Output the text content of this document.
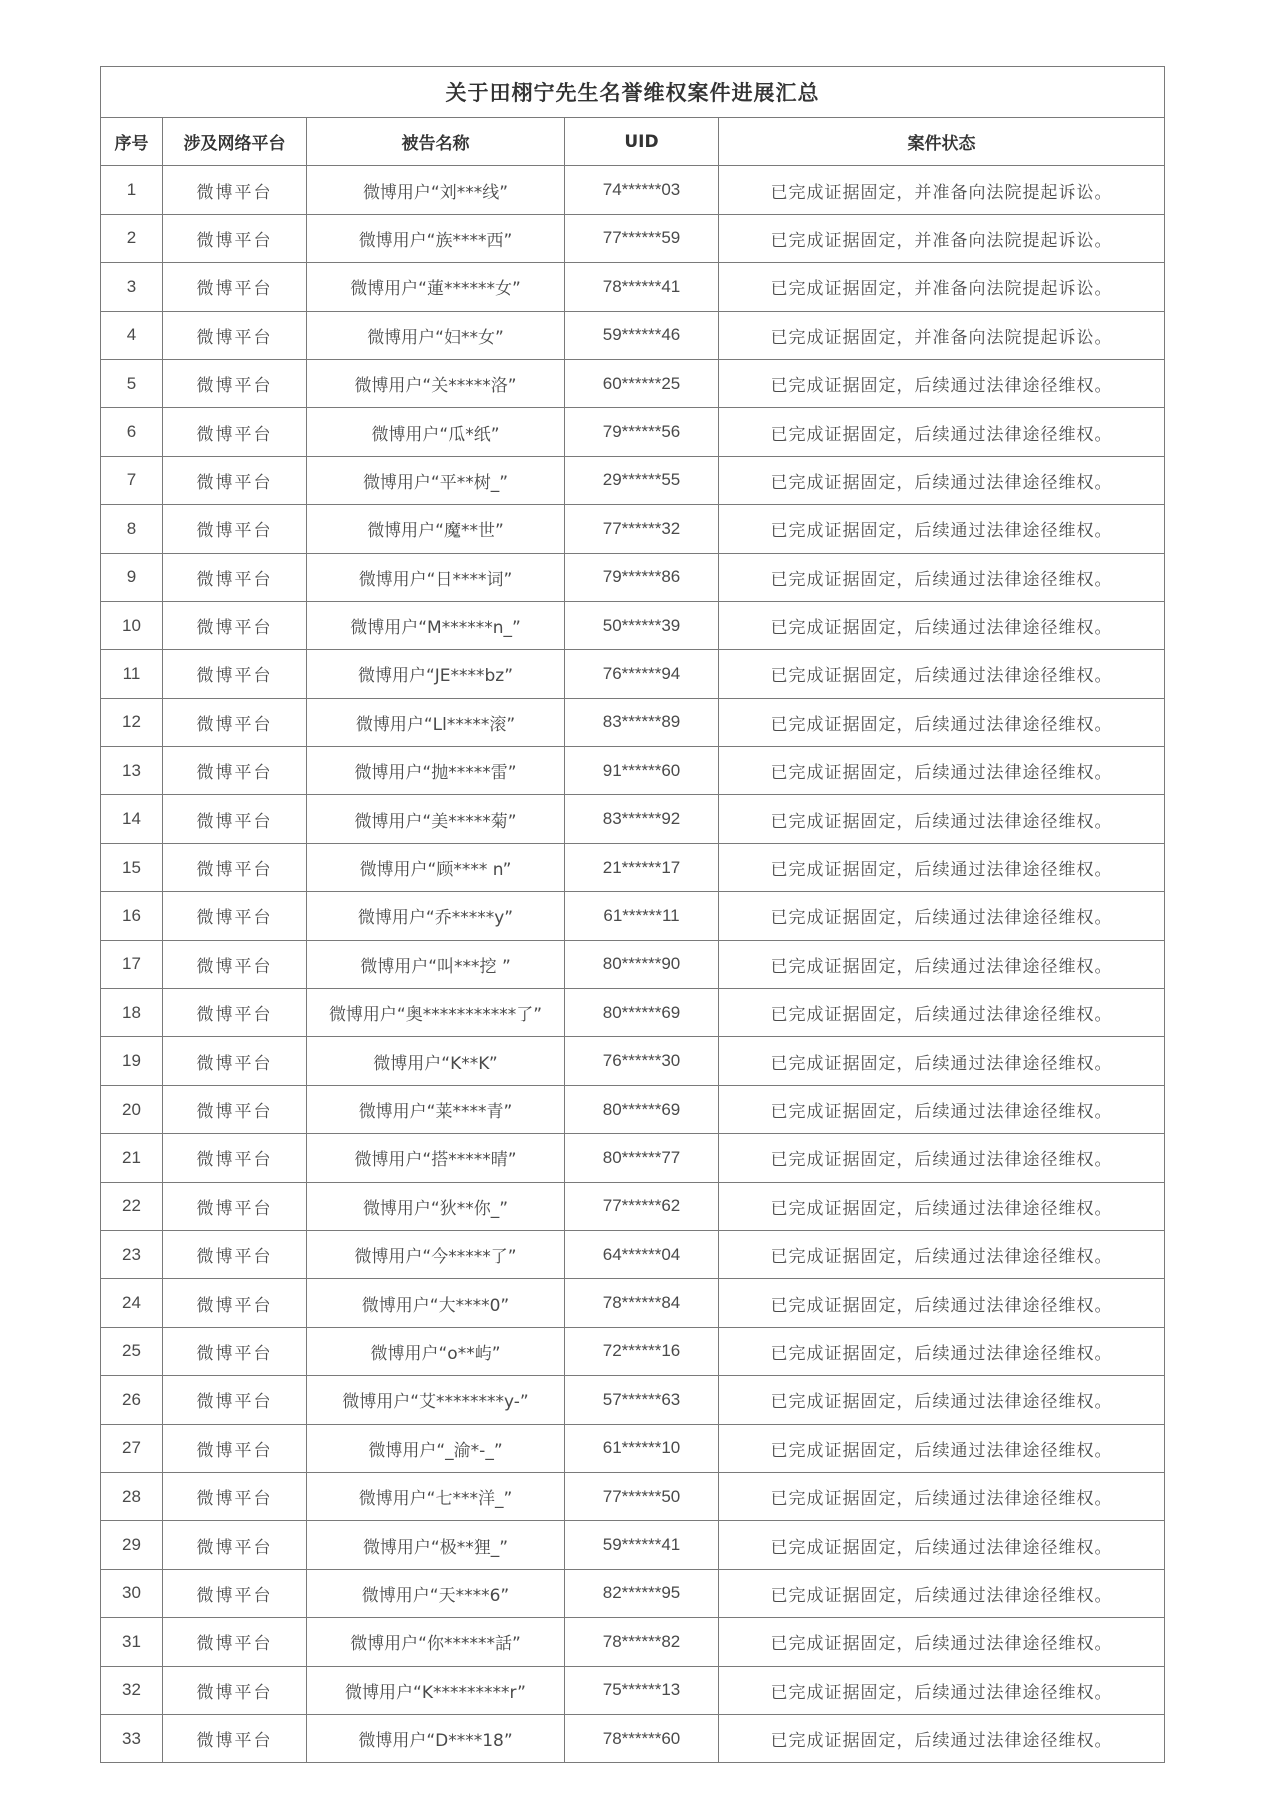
关于田栩宁先生名誉维权案件进展汇总				
序号	涉及网络平台	被告名称	UID	案件状态
1	微博平台	微博用户“刘***线”	74******03	已完成证据固定，并准备向法院提起诉讼。
2	微博平台	微博用户“族****西”	77******59	已完成证据固定，并准备向法院提起诉讼。
3	微博平台	微博用户“蓮******女”	78******41	已完成证据固定，并准备向法院提起诉讼。
4	微博平台	微博用户“妇**女”	59******46	已完成证据固定，并准备向法院提起诉讼。
5	微博平台	微博用户“关*****洛”	60******25	已完成证据固定，后续通过法律途径维权。
6	微博平台	微博用户“瓜*纸”	79******56	已完成证据固定，后续通过法律途径维权。
7	微博平台	微博用户“平**树_”	29******55	已完成证据固定，后续通过法律途径维权。
8	微博平台	微博用户“魔**世”	77******32	已完成证据固定，后续通过法律途径维权。
9	微博平台	微博用户“日****词”	79******86	已完成证据固定，后续通过法律途径维权。
10	微博平台	微博用户“M******n_”	50******39	已完成证据固定，后续通过法律途径维权。
11	微博平台	微博用户“JE****bz”	76******94	已完成证据固定，后续通过法律途径维权。
12	微博平台	微博用户“Ll*****滚”	83******89	已完成证据固定，后续通过法律途径维权。
13	微博平台	微博用户“抛*****雷”	91******60	已完成证据固定，后续通过法律途径维权。
14	微博平台	微博用户“美*****菊”	83******92	已完成证据固定，后续通过法律途径维权。
15	微博平台	微博用户“顾**** n”	21******17	已完成证据固定，后续通过法律途径维权。
16	微博平台	微博用户“乔*****y”	61******11	已完成证据固定，后续通过法律途径维权。
17	微博平台	微博用户“叫***挖 ”	80******90	已完成证据固定，后续通过法律途径维权。
18	微博平台	微博用户“奥***********了”	80******69	已完成证据固定，后续通过法律途径维权。
19	微博平台	微博用户“K**K”	76******30	已完成证据固定，后续通过法律途径维权。
20	微博平台	微博用户“莱****青”	80******69	已完成证据固定，后续通过法律途径维权。
21	微博平台	微博用户“搭*****晴”	80******77	已完成证据固定，后续通过法律途径维权。
22	微博平台	微博用户“狄**你_”	77******62	已完成证据固定，后续通过法律途径维权。
23	微博平台	微博用户“今*****了”	64******04	已完成证据固定，后续通过法律途径维权。
24	微博平台	微博用户“大****0”	78******84	已完成证据固定，后续通过法律途径维权。
25	微博平台	微博用户“o**屿”	72******16	已完成证据固定，后续通过法律途径维权。
26	微博平台	微博用户“艾********y-”	57******63	已完成证据固定，后续通过法律途径维权。
27	微博平台	微博用户“_渝*-_”	61******10	已完成证据固定，后续通过法律途径维权。
28	微博平台	微博用户“七***洋_”	77******50	已完成证据固定，后续通过法律途径维权。
29	微博平台	微博用户“极**狸_”	59******41	已完成证据固定，后续通过法律途径维权。
30	微博平台	微博用户“天****6”	82******95	已完成证据固定，后续通过法律途径维权。
31	微博平台	微博用户“你******話”	78******82	已完成证据固定，后续通过法律途径维权。
32	微博平台	微博用户“K*********r”	75******13	已完成证据固定，后续通过法律途径维权。
33	微博平台	微博用户“D****18”	78******60	已完成证据固定，后续通过法律途径维权。
